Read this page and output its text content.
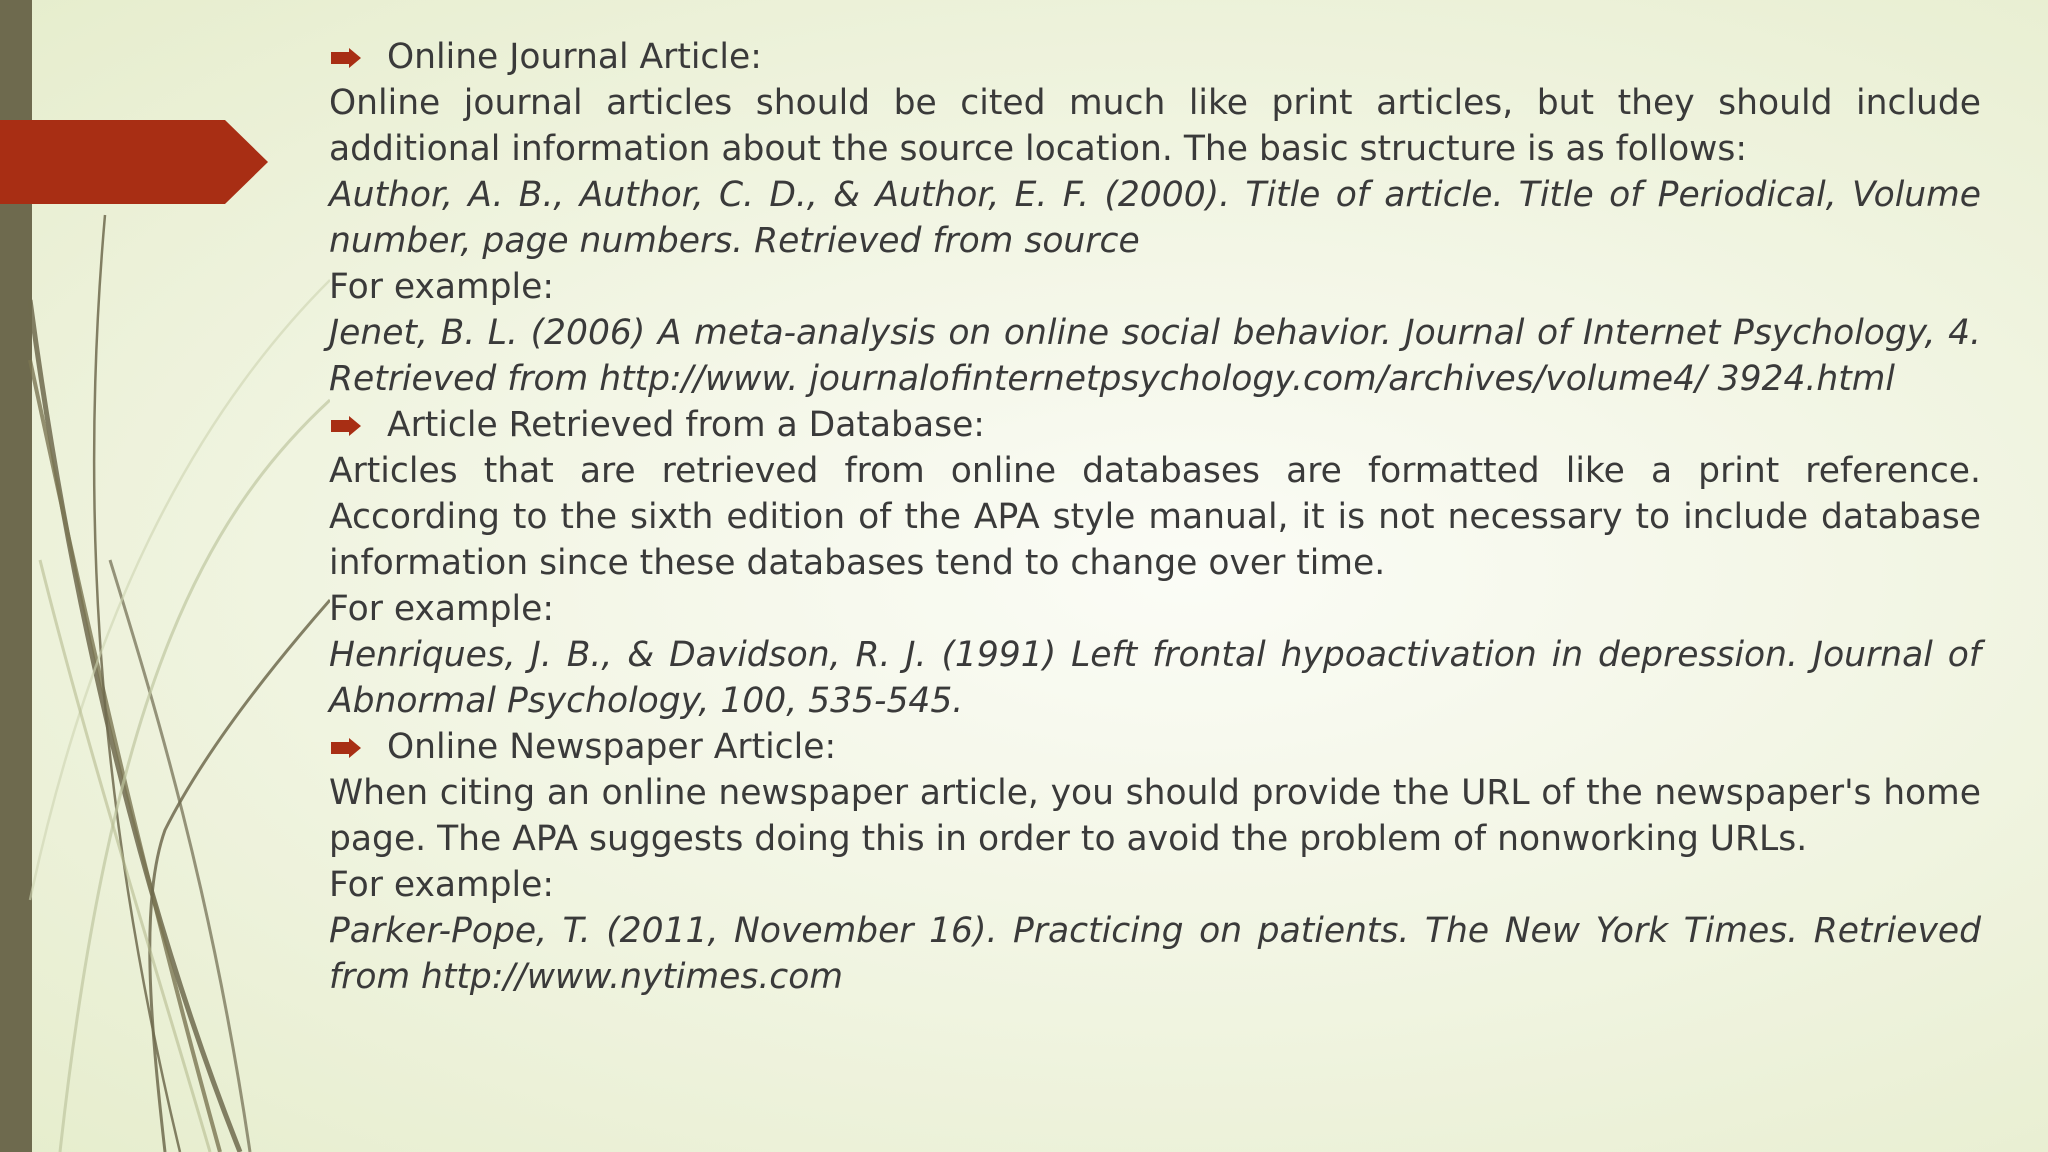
Online Journal Article:
Online journal articles should be cited much like print articles, but they should include additional information about the source location. The basic structure is as follows:
Author, A. B., Author, C. D., & Author, E. F. (2000). Title of article. Title of Periodical, Volume number, page numbers. Retrieved from source
For example:
Jenet, B. L. (2006) A meta-analysis on online social behavior. Journal of Internet Psychology, 4. Retrieved from http://www. journalofinternetpsychology.com/archives/volume4/ 3924.html
Article Retrieved from a Database:
Articles that are retrieved from online databases are formatted like a print reference. According to the sixth edition of the APA style manual, it is not necessary to include database information since these databases tend to change over time.
For example:
Henriques, J. B., & Davidson, R. J. (1991) Left frontal hypoactivation in depression. Journal of Abnormal Psychology, 100, 535-545.
Online Newspaper Article:
When citing an online newspaper article, you should provide the URL of the newspaper's home page. The APA suggests doing this in order to avoid the problem of nonworking URLs.
For example:
Parker-Pope, T. (2011, November 16). Practicing on patients. The New York Times. Retrieved from http://www.nytimes.com
